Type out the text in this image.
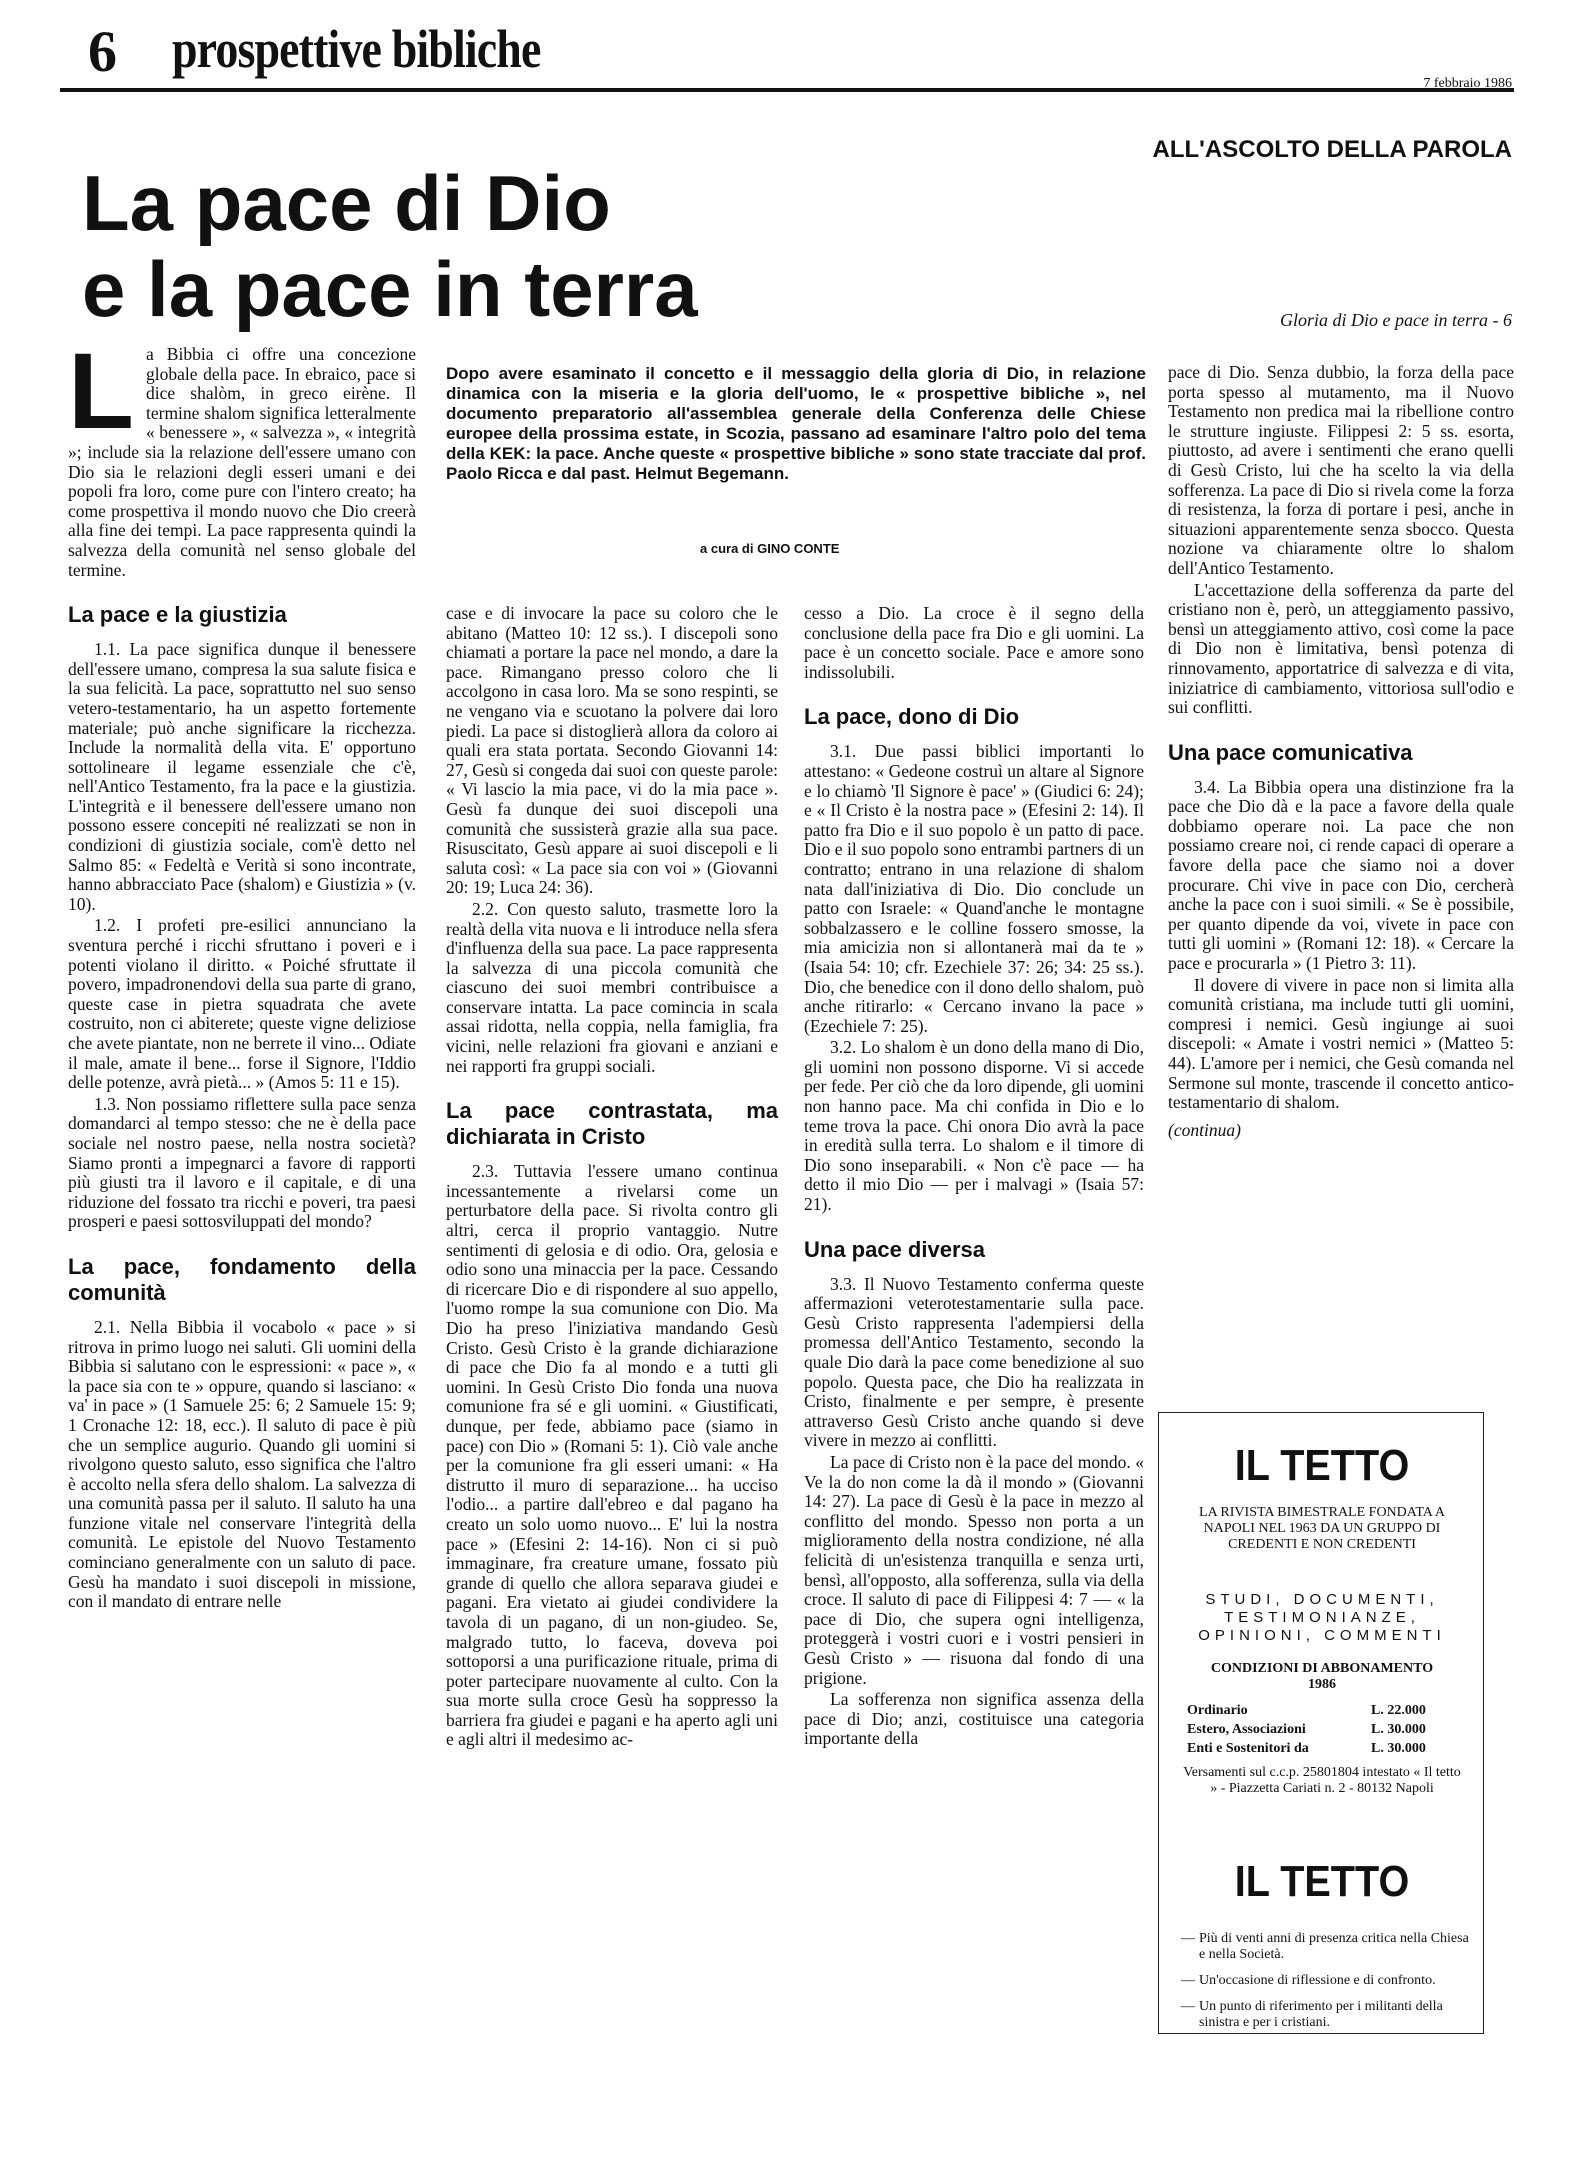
6 prospettive bibliche
7 febbraio 1986
ALL'ASCOLTO DELLA PAROLA
La pace di Dio
e la pace in terra	Gloria di Dio e pace in terra - 6
Dopo avere esaminato il concetto e il messaggio della gloria di Dio, in relazione dinamica con la miseria e la gloria dell'uomo, le « prospettive bibliche », nel documento preparatorio all'assemblea generale della Conferenza delle Chiese europee della prossima estate, in Scozia, passano ad esaminare l'altro polo del tema della KEK: la pace. Anche queste « prospettive bibliche » sono state tracciate dal prof. Paolo Ricca e dal past. Helmut Begemann.
a cura di GINO CONTE

La Bibbia ci offre una concezione globale della pace. In ebraico, pace si dice shalòm, in greco eirène. Il termine shalom significa letteralmente « benessere », « salvezza », « integrità »; include sia la relazione dell'essere umano con Dio sia le relazioni degli esseri umani e dei popoli fra loro, come pure con l'intero creato; ha come prospettiva il mondo nuovo che Dio creerà alla fine dei tempi. La pace rappresenta quindi la salvezza della comunità nel senso globale del termine.

La pace e la giustizia

1.1. La pace significa dunque il benessere dell'essere umano, compresa la sua salute fisica e la sua felicità. La pace, soprattutto nel suo senso vetero-testamentario, ha un aspetto fortemente materiale; può anche significare la ricchezza. Include la normalità della vita. E' opportuno sottolineare il legame essenziale che c'è, nell'Antico Testamento, fra la pace e la giustizia. L'integrità e il benessere dell'essere umano non possono essere concepiti né realizzati se non in condizioni di giustizia sociale, com'è detto nel Salmo 85: « Fedeltà e Verità si sono incontrate, hanno abbracciato Pace (shalom) e Giustizia » (v. 10).

1.2. I profeti pre-esilici annunciano la sventura perché i ricchi sfruttano i poveri e i potenti violano il diritto. « Poiché sfruttate il povero, impadronendovi della sua parte di grano, queste case in pietra squadrata che avete costruito, non ci abiterete; queste vigne deliziose che avete piantate, non ne berrete il vino... Odiate il male, amate il bene... forse il Signore, l'Iddio delle potenze, avrà pietà... » (Amos 5: 11 e 15).

1.3. Non possiamo riflettere sulla pace senza domandarci al tempo stesso: che ne è della pace sociale nel nostro paese, nella nostra società? Siamo pronti a impegnarci a favore di rapporti più giusti tra il lavoro e il capitale, e di una riduzione del fossato tra ricchi e poveri, tra paesi prosperi e paesi sottosviluppati del mondo?

La pace, fondamento della comunità

2.1. Nella Bibbia il vocabolo « pace » si ritrova in primo luogo nei saluti. Gli uomini della Bibbia si salutano con le espressioni: « pace », « la pace sia con te » oppure, quando si lasciano: « va' in pace » (1 Samuele 25: 6; 2 Samuele 15: 9; 1 Cronache 12: 18, ecc.). Il saluto di pace è più che un semplice augurio. Quando gli uomini si rivolgono questo saluto, esso significa che l'altro è accolto nella sfera dello shalom. La salvezza di una comunità passa per il saluto. Il saluto ha una funzione vitale nel conservare l'integrità della comunità. Le epistole del Nuovo Testamento cominciano generalmente con un saluto di pace. Gesù ha mandato i suoi discepoli in missione, con il mandato di entrare nelle

case e di invocare la pace su coloro che le abitano (Matteo 10: 12 ss.). I discepoli sono chiamati a portare la pace nel mondo, a dare la pace. Rimangano presso coloro che li accolgono in casa loro. Ma se sono respinti, se ne vengano via e scuotano la polvere dai loro piedi. La pace si distoglierà allora da coloro ai quali era stata portata. Secondo Giovanni 14: 27, Gesù si congeda dai suoi con queste parole: « Vi lascio la mia pace, vi do la mia pace ». Gesù fa dunque dei suoi discepoli una comunità che sussisterà grazie alla sua pace. Risuscitato, Gesù appare ai suoi discepoli e li saluta così: « La pace sia con voi » (Giovanni 20: 19; Luca 24: 36).

2.2. Con questo saluto, trasmette loro la realtà della vita nuova e li introduce nella sfera d'influenza della sua pace. La pace rappresenta la salvezza di una piccola comunità che ciascuno dei suoi membri contribuisce a conservare intatta. La pace comincia in scala assai ridotta, nella coppia, nella famiglia, fra vicini, nelle relazioni fra giovani e anziani e nei rapporti fra gruppi sociali.

La pace contrastata, ma dichiarata in Cristo

2.3. Tuttavia l'essere umano continua incessantemente a rivelarsi come un perturbatore della pace. Si rivolta contro gli altri, cerca il proprio vantaggio. Nutre sentimenti di gelosia e di odio. Ora, gelosia e odio sono una minaccia per la pace. Cessando di ricercare Dio e di rispondere al suo appello, l'uomo rompe la sua comunione con Dio. Ma Dio ha preso l'iniziativa mandando Gesù Cristo. Gesù Cristo è la grande dichiarazione di pace che Dio fa al mondo e a tutti gli uomini. In Gesù Cristo Dio fonda una nuova comunione fra sé e gli uomini. « Giustificati, dunque, per fede, abbiamo pace (siamo in pace) con Dio » (Romani 5: 1). Ciò vale anche per la comunione fra gli esseri umani: « Ha distrutto il muro di separazione... ha ucciso l'odio... a partire dall'ebreo e dal pagano ha creato un solo uomo nuovo... E' lui la nostra pace » (Efesini 2: 14-16). Non ci si può immaginare, fra creature umane, fossato più grande di quello che allora separava giudei e pagani. Era vietato ai giudei condividere la tavola di un pagano, di un non-giudeo. Se, malgrado tutto, lo faceva, doveva poi sottoporsi a una purificazione rituale, prima di poter partecipare nuovamente al culto. Con la sua morte sulla croce Gesù ha soppresso la barriera fra giudei e pagani e ha aperto agli uni e agli altri il medesimo ac-

cesso a Dio. La croce è il segno della conclusione della pace fra Dio e gli uomini. La pace è un concetto sociale. Pace e amore sono indissolubili.

La pace, dono di Dio

3.1. Due passi biblici importanti lo attestano: « Gedeone costruì un altare al Signore e lo chiamò 'Il Signore è pace' » (Giudici 6: 24); e « Il Cristo è la nostra pace » (Efesini 2: 14). Il patto fra Dio e il suo popolo è un patto di pace. Dio e il suo popolo sono entrambi partners di un contratto; entrano in una relazione di shalom nata dall'iniziativa di Dio. Dio conclude un patto con Israele: « Quand'anche le montagne sobbalzassero e le colline fossero smosse, la mia amicizia non si allontanerà mai da te » (Isaia 54: 10; cfr. Ezechiele 37: 26; 34: 25 ss.). Dio, che benedice con il dono dello shalom, può anche ritirarlo: « Cercano invano la pace » (Ezechiele 7: 25).

3.2. Lo shalom è un dono della mano di Dio, gli uomini non possono disporne. Vi si accede per fede. Per ciò che da loro dipende, gli uomini non hanno pace. Ma chi confida in Dio e lo teme trova la pace. Chi onora Dio avrà la pace in eredità sulla terra. Lo shalom e il timore di Dio sono inseparabili. « Non c'è pace — ha detto il mio Dio — per i malvagi » (Isaia 57: 21).

Una pace diversa

3.3. Il Nuovo Testamento conferma queste affermazioni veterotestamentarie sulla pace. Gesù Cristo rappresenta l'adempiersi della promessa dell'Antico Testamento, secondo la quale Dio darà la pace come benedizione al suo popolo. Questa pace, che Dio ha realizzata in Cristo, finalmente e per sempre, è presente attraverso Gesù Cristo anche quando si deve vivere in mezzo ai conflitti.

La pace di Cristo non è la pace del mondo. « Ve la do non come la dà il mondo » (Giovanni 14: 27). La pace di Gesù è la pace in mezzo al conflitto del mondo. Spesso non porta a un miglioramento della nostra condizione, né alla felicità di un'esistenza tranquilla e senza urti, bensì, all'opposto, alla sofferenza, sulla via della croce. Il saluto di pace di Filippesi 4: 7 — « la pace di Dio, che supera ogni intelligenza, proteggerà i vostri cuori e i vostri pensieri in Gesù Cristo » — risuona dal fondo di una prigione.

La sofferenza non significa assenza della pace di Dio; anzi, costituisce una categoria importante della

pace di Dio. Senza dubbio, la forza della pace porta spesso al mutamento, ma il Nuovo Testamento non predica mai la ribellione contro le strutture ingiuste. Filippesi 2: 5 ss. esorta, piuttosto, ad avere i sentimenti che erano quelli di Gesù Cristo, lui che ha scelto la via della sofferenza. La pace di Dio si rivela come la forza di resistenza, la forza di portare i pesi, anche in situazioni apparentemente senza sbocco. Questa nozione va chiaramente oltre lo shalom dell'Antico Testamento.

L'accettazione della sofferenza da parte del cristiano non è, però, un atteggiamento passivo, bensì un atteggiamento attivo, così come la pace di Dio non è limitativa, bensì potenza di rinnovamento, apportatrice di salvezza e di vita, iniziatrice di cambiamento, vittoriosa sull'odio e sui conflitti.

Una pace comunicativa

3.4. La Bibbia opera una distinzione fra la pace che Dio dà e la pace a favore della quale dobbiamo operare noi. La pace che non possiamo creare noi, ci rende capaci di operare a favore della pace che siamo noi a dover procurare. Chi vive in pace con Dio, cercherà anche la pace con i suoi simili. « Se è possibile, per quanto dipende da voi, vivete in pace con tutti gli uomini » (Romani 12: 18). « Cercare la pace e procurarla » (1 Pietro 3: 11).

Il dovere di vivere in pace non si limita alla comunità cristiana, ma include tutti gli uomini, compresi i nemici. Gesù ingiunge ai suoi discepoli: « Amate i vostri nemici » (Matteo 5: 44). L'amore per i nemici, che Gesù comanda nel Sermone sul monte, trascende il concetto antico-testamentario di shalom.

(continua)

IL TETTO
LA RIVISTA BIMESTRALE FONDATA A NAPOLI NEL 1963 DA UN GRUPPO DI CREDENTI E NON CREDENTI
STUDI, DOCUMENTI, TESTIMONIANZE, OPINIONI, COMMENTI
CONDIZIONI DI ABBONAMENTO
1986
Ordinario	L. 22.000
Estero, Associazioni	L. 30.000
Enti e Sostenitori da	L. 30.000
Versamenti sul c.c.p. 25801804 intestato « Il tetto » - Piazzetta Cariati n. 2 - 80132 Napoli
IL TETTO
— Più di venti anni di presenza critica nella Chiesa e nella Società.
— Un'occasione di riflessione e di confronto.
— Un punto di riferimento per i militanti della sinistra e per i cristiani.
